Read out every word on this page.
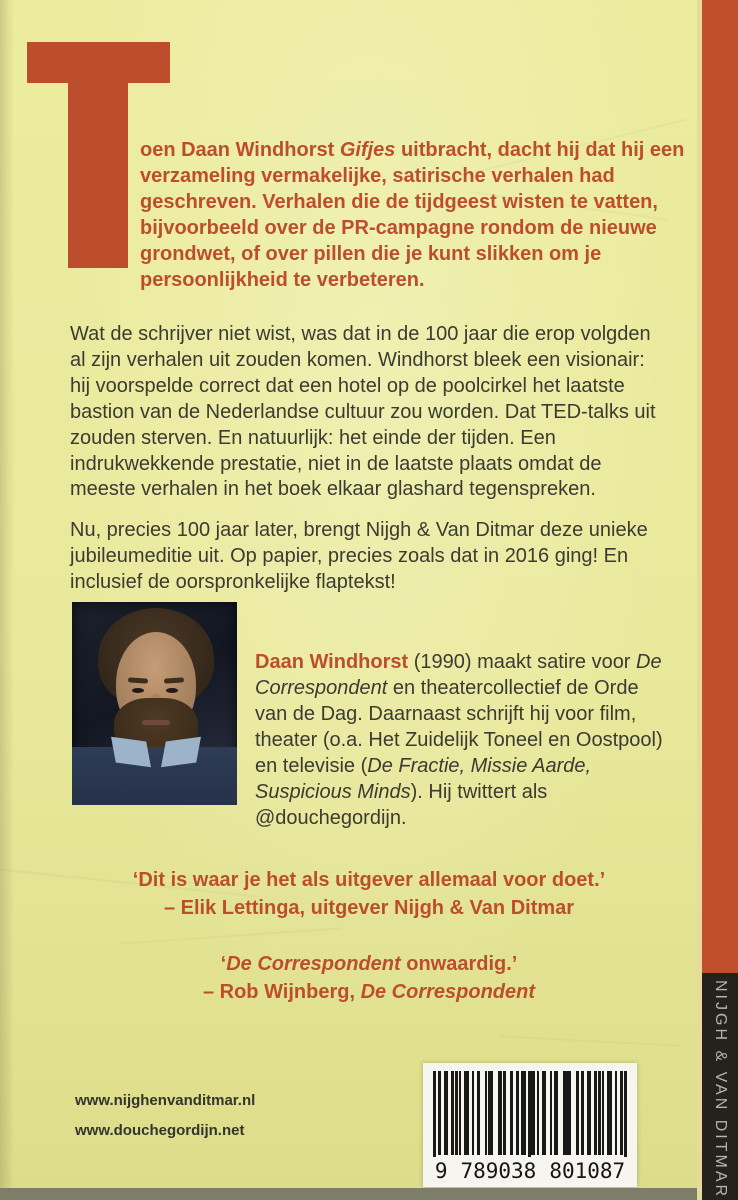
oen Daan Windhorst Gifjes uitbracht, dacht hij dat hij een verzameling vermakelijke, satirische verhalen had geschreven. Verhalen die de tijdgeest wisten te vatten, bijvoorbeeld over de PR-campagne rondom de nieuwe grondwet, of over pillen die je kunt slikken om je persoonlijkheid te verbeteren.

Wat de schrijver niet wist, was dat in de 100 jaar die erop volgden al zijn verhalen uit zouden komen. Windhorst bleek een visionair: hij voorspelde correct dat een hotel op de poolcirkel het laatste bastion van de Nederlandse cultuur zou worden. Dat TED-talks uit zouden sterven. En natuurlijk: het einde der tijden. Een indrukwekkende prestatie, niet in de laatste plaats omdat de meeste verhalen in het boek elkaar glashard tegenspreken.

Nu, precies 100 jaar later, brengt Nijgh & Van Ditmar deze unieke jubileumeditie uit. Op papier, precies zoals dat in 2016 ging! En inclusief de oorspronkelijke flaptekst!

Daan Windhorst (1990) maakt satire voor De Correspondent en theatercollectief de Orde van de Dag. Daarnaast schrijft hij voor film, theater (o.a. Het Zuidelijk Toneel en Oostpool) en televisie (De Fractie, Missie Aarde, Suspicious Minds). Hij twittert als @douchegordijn.

‘Dit is waar je het als uitgever allemaal voor doet.’
– Elik Lettinga, uitgever Nijgh & Van Ditmar
‘De Correspondent onwaardig.’
– Rob Wijnberg, De Correspondent
www.nijghenvanditmar.nl
www.douchegordijn.net
9 789038 801087	NIJGH & VAN DITMAR
